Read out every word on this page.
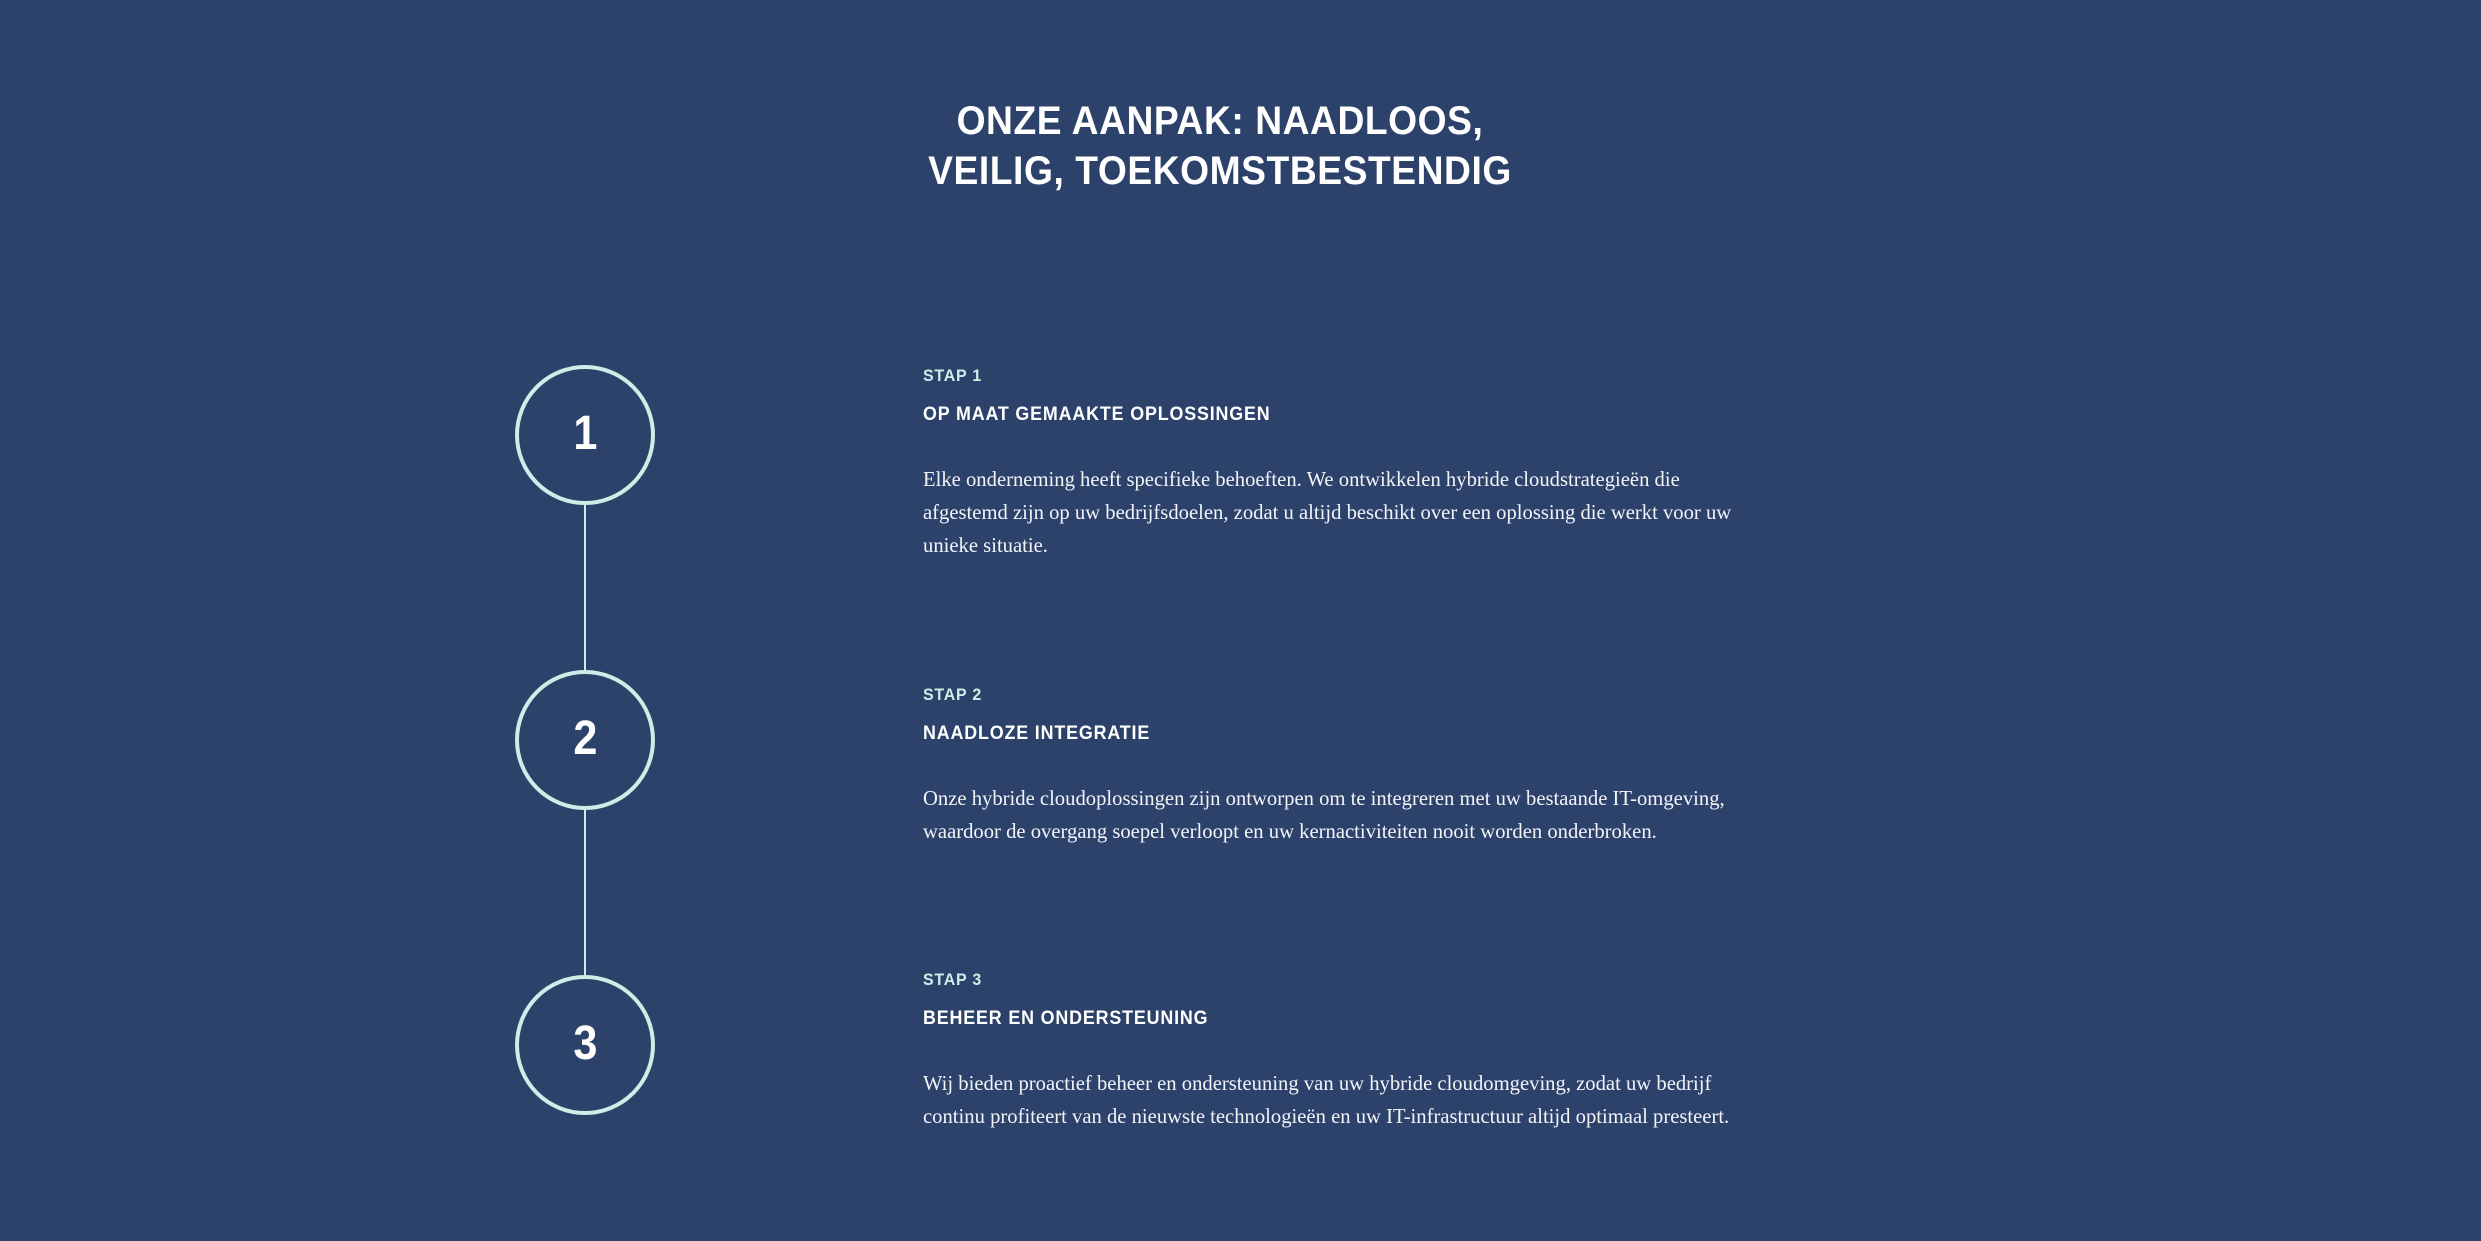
ONZE AANPAK: NAADLOOS,
VEILIG, TOEKOMSTBESTENDIG
1
2
3
STAP 1
OP MAAT GEMAAKTE OPLOSSINGEN

Elke onderneming heeft specifieke behoeften. We ontwikkelen hybride cloudstrategieën die afgestemd zijn op uw bedrijfsdoelen, zodat u altijd beschikt over een oplossing die werkt voor uw unieke situatie.

STAP 2
NAADLOZE INTEGRATIE

Onze hybride cloudoplossingen zijn ontworpen om te integreren met uw bestaande IT-omgeving, waardoor de overgang soepel verloopt en uw kernactiviteiten nooit worden onderbroken.

STAP 3
BEHEER EN ONDERSTEUNING

Wij bieden proactief beheer en ondersteuning van uw hybride cloudomgeving, zodat uw bedrijf continu profiteert van de nieuwste technologieën en uw IT-infrastructuur altijd optimaal presteert.
